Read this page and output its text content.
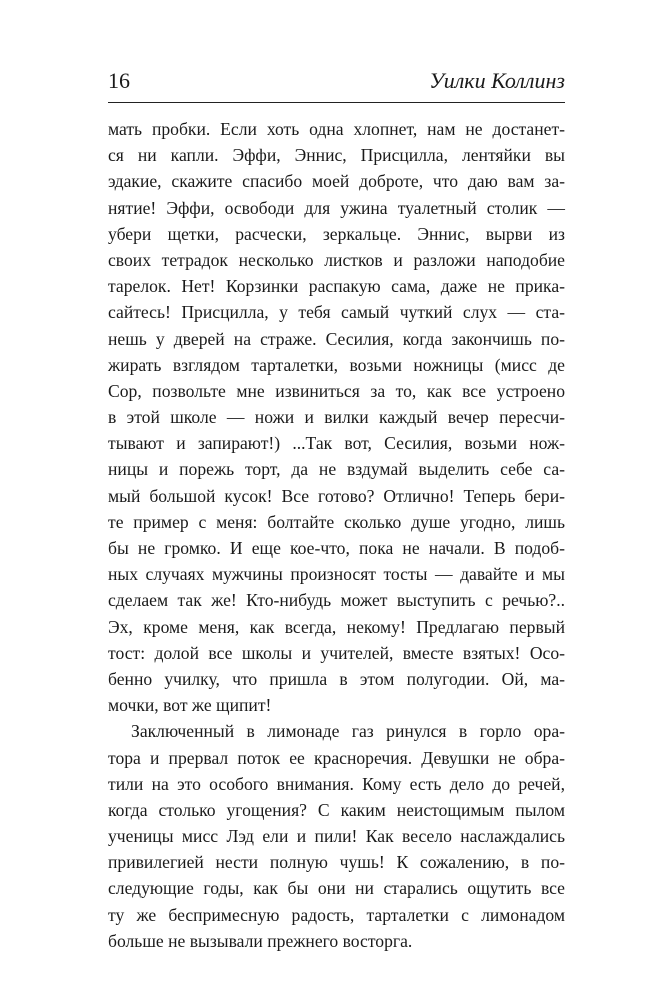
16	Уилки Коллинз
мать пробки. Если хоть одна хлопнет, нам не достанет-
ся ни капли. Эффи, Эннис, Присцилла, лентяйки вы
эдакие, скажите спасибо моей доброте, что даю вам за-
нятие! Эффи, освободи для ужина туалетный столик —
убери щетки, расчески, зеркальце. Эннис, вырви из
своих тетрадок несколько листков и разложи наподобие
тарелок. Нет! Корзинки распакую сама, даже не прика-
сайтесь! Присцилла, у тебя самый чуткий слух — ста-
нешь у дверей на страже. Сесилия, когда закончишь по-
жирать взглядом тарталетки, возьми ножницы (мисс де
Сор, позвольте мне извиниться за то, как все устроено
в этой школе — ножи и вилки каждый вечер пересчи-
тывают и запирают!) ...Так вот, Сесилия, возьми нож-
ницы и порежь торт, да не вздумай выделить себе са-
мый большой кусок! Все готово? Отлично! Теперь бери-
те пример с меня: болтайте сколько душе угодно, лишь
бы не громко. И еще кое-что, пока не начали. В подоб-
ных случаях мужчины произносят тосты — давайте и мы
сделаем так же! Кто-нибудь может выступить с речью?..
Эх, кроме меня, как всегда, некому! Предлагаю первый
тост: долой все школы и учителей, вместе взятых! Осо-
бенно училку, что пришла в этом полугодии. Ой, ма-
мочки, вот же щипит!
Заключенный в лимонаде газ ринулся в горло ора-
тора и прервал поток ее красноречия. Девушки не обра-
тили на это особого внимания. Кому есть дело до речей,
когда столько угощения? С каким неистощимым пылом
ученицы мисс Лэд ели и пили! Как весело наслаждались
привилегией нести полную чушь! К сожалению, в по-
следующие годы, как бы они ни старались ощутить все
ту же беспримесную радость, тарталетки с лимонадом
больше не вызывали прежнего восторга.
